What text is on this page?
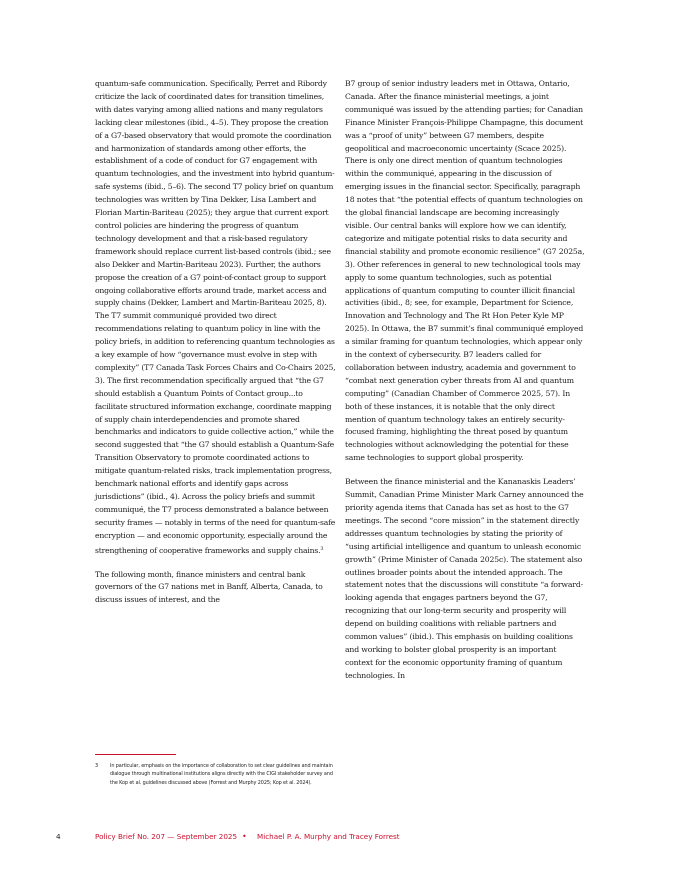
quantum-safe communication. Specifically, Perret and Ribordy criticize the lack of coordinated dates for transition timelines, with dates varying among allied nations and many regulators lacking clear milestones (ibid., 4–5). They propose the creation of a G7-based observatory that would promote the coordination and harmonization of standards among other efforts, the establishment of a code of conduct for G7 engagement with quantum technologies, and the investment into hybrid quantum-safe systems (ibid., 5–6). The second T7 policy brief on quantum technologies was written by Tina Dekker, Lisa Lambert and Florian Martin-Bariteau (2025); they argue that current export control policies are hindering the progress of quantum technology development and that a risk-based regulatory framework should replace current list-based controls (ibid.; see also Dekker and Martin-Bariteau 2023). Further, the authors propose the creation of a G7 point-of-contact group to support ongoing collaborative efforts around trade, market access and supply chains (Dekker, Lambert and Martin-Bariteau 2025, 8). The T7 summit communiqué provided two direct recommendations relating to quantum policy in line with the policy briefs, in addition to referencing quantum technologies as a key example of how “governance must evolve in step with complexity” (T7 Canada Task Forces Chairs and Co-Chairs 2025, 3). The first recommendation specifically argued that “the G7 should establish a Quantum Points of Contact group...to facilitate structured information exchange, coordinate mapping of supply chain interdependencies and promote shared benchmarks and indicators to guide collective action,” while the second suggested that “the G7 should establish a Quantum-Safe Transition Observatory to promote coordinated actions to mitigate quantum-related risks, track implementation progress, benchmark national efforts and identify gaps across jurisdictions” (ibid., 4). Across the policy briefs and summit communiqué, the T7 process demonstrated a balance between security frames — notably in terms of the need for quantum-safe encryption — and economic opportunity, especially around the strengthening of cooperative frameworks and supply chains.$^3$

The following month, finance ministers and central bank governors of the G7 nations met in Banff, Alberta, Canada, to discuss issues of interest, and the

B7 group of senior industry leaders met in Ottawa, Ontario, Canada. After the finance ministerial meetings, a joint communiqué was issued by the attending parties; for Canadian Finance Minister François-Philippe Champagne, this document was a “proof of unity” between G7 members, despite geopolitical and macroeconomic uncertainty (Scace 2025). There is only one direct mention of quantum technologies within the communiqué, appearing in the discussion of emerging issues in the financial sector. Specifically, paragraph 18 notes that “the potential effects of quantum technologies on the global financial landscape are becoming increasingly visible. Our central banks will explore how we can identify, categorize and mitigate potential risks to data security and financial stability and promote economic resilience” (G7 2025a, 3). Other references in general to new technological tools may apply to some quantum technologies, such as potential applications of quantum computing to counter illicit financial activities (ibid., 8; see, for example, Department for Science, Innovation and Technology and The Rt Hon Peter Kyle MP 2025). In Ottawa, the B7 summit’s final communiqué employed a similar framing for quantum technologies, which appear only in the context of cybersecurity. B7 leaders called for collaboration between industry, academia and government to “combat next generation cyber threats from AI and quantum computing” (Canadian Chamber of Commerce 2025, 57). In both of these instances, it is notable that the only direct mention of quantum technology takes an entirely security-focused framing, highlighting the threat posed by quantum technologies without acknowledging the potential for these same technologies to support global prosperity.

Between the finance ministerial and the Kananaskis Leaders’ Summit, Canadian Prime Minister Mark Carney announced the priority agenda items that Canada has set as host to the G7 meetings. The second “core mission” in the statement directly addresses quantum technologies by stating the priority of “using artificial intelligence and quantum to unleash economic growth” (Prime Minister of Canada 2025c). The statement also outlines broader points about the intended approach. The statement notes that the discussions will constitute “a forward-looking agenda that engages partners beyond the G7, recognizing that our long-term security and prosperity will depend on building coalitions with reliable partners and common values” (ibid.). This emphasis on building coalitions and working to bolster global prosperity is an important context for the economic opportunity framing of quantum technologies. In

3 In particular, emphasis on the importance of collaboration to set clear guidelines and maintain dialogue through multinational institutions aligns directly with the CIGI stakeholder survey and the Kop et al. guidelines discussed above (Forrest and Murphy 2025; Kop et al. 2024).
4	Policy Brief No. 207 — September 2025 • Michael P. A. Murphy and Tracey Forrest
